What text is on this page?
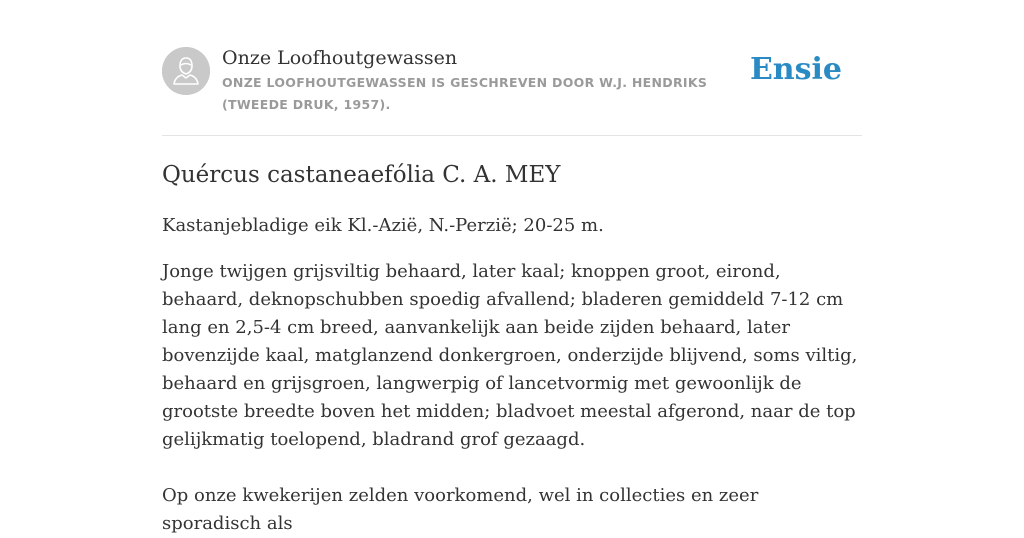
Onze Loofhoutgewassen
ONZE LOOFHOUTGEWASSEN IS GESCHREVEN DOOR W.J. HENDRIKS (TWEEDE DRUK, 1957).
Ensie
Quércus castaneaefólia C. A. MEY

Kastanjebladige eik Kl.-Azië, N.-Perzië; 20-25 m.

Jonge twijgen grijsviltig behaard, later kaal; knoppen groot, eirond, behaard, deknopschubben spoedig afvallend; bladeren gemiddeld 7-12 cm lang en 2,5-4 cm breed, aanvankelijk aan beide zijden behaard, later bovenzijde kaal, matglanzend donkergroen, onderzijde blijvend, soms viltig, behaard en grijsgroen, langwerpig of lancetvormig met gewoonlijk de grootste breedte boven het midden; bladvoet meestal afgerond, naar de top gelijkmatig toelopend, bladrand grof gezaagd.

Op onze kwekerijen zelden voorkomend, wel in collecties en zeer sporadisch als
